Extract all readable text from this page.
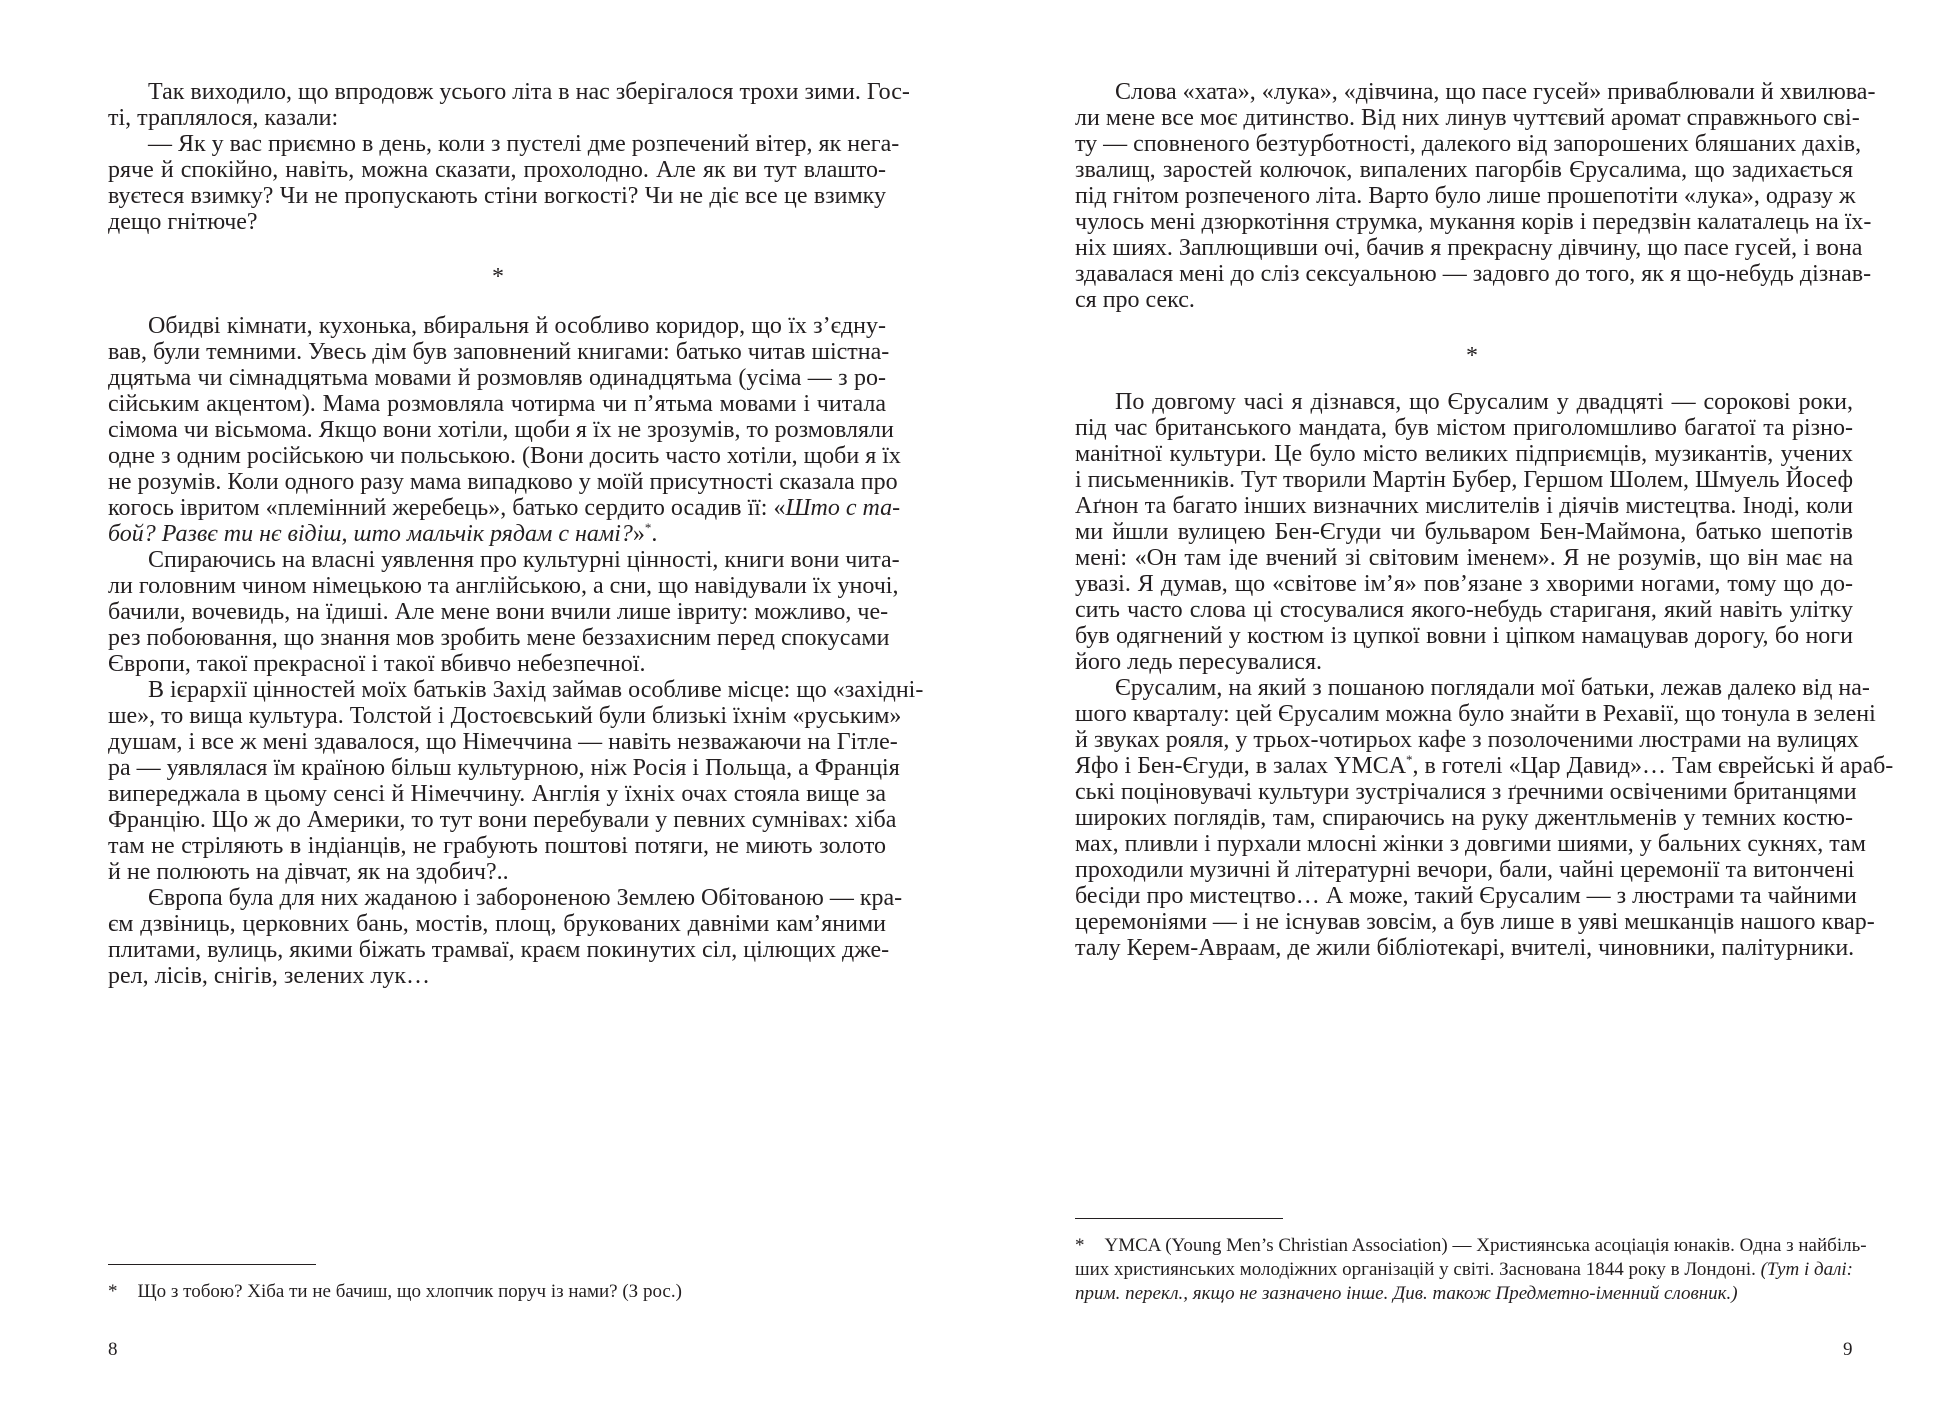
Так виходило, що впродовж усього літа в нас зберігалося трохи зими. Гос-
ті, траплялося, казали:
— Як у вас приємно в день, коли з пустелі дме розпечений вітер, як нега-
ряче й спокійно, навіть, можна сказати, прохолодно. Але як ви тут влашто-
вуєтеся взимку? Чи не пропускають стіни вогкості? Чи не діє все це взимку
дещо гнітюче?
*
Обидві кімнати, кухонька, вбиральня й особливо коридор, що їх з’єдну-
вав, були темними. Увесь дім був заповнений книгами: батько читав шістна-
дцятьма чи сімнадцятьма мовами й розмовляв одинадцятьма (усіма — з ро-
сійським акцентом). Мама розмовляла чотирма чи п’ятьма мовами і читала
сімома чи вісьмома. Якщо вони хотіли, щоби я їх не зрозумів, то розмовляли
одне з одним російською чи польською. (Вони досить часто хотіли, щоби я їх
не розумів. Коли одного разу мама випадково у моїй присутності сказала про
когось івритом «племінний жеребець», батько сердито осадив її: «Што с та-
бой? Развє ти нє відіш, што мальчік рядам с намі?»*.
Спираючись на власні уявлення про культурні цінності, книги вони чита-
ли головним чином німецькою та англійською, а сни, що навідували їх уночі,
бачили, вочевидь, на їдиші. Але мене вони вчили лише івриту: можливо, че-
рез побоювання, що знання мов зробить мене беззахисним перед спокусами
Європи, такої прекрасної і такої вбивчо небезпечної.
В ієрархії цінностей моїх батьків Захід займав особливе місце: що «західні-
ше», то вища культура. Толстой і Достоєвський були близькі їхнім «руським»
душам, і все ж мені здавалося, що Німеччина — навіть незважаючи на Гітле-
ра — уявлялася їм країною більш культурною, ніж Росія і Польща, а Франція
випереджала в цьому сенсі й Німеччину. Англія у їхніх очах стояла вище за
Францію. Що ж до Америки, то тут вони перебували у певних сумнівах: хіба
там не стріляють в індіанців, не грабують поштові потяги, не миють золото
й не полюють на дівчат, як на здобич?..
Європа була для них жаданою і забороненою Землею Обітованою — кра-
єм дзвіниць, церковних бань, мостів, площ, брукованих давніми кам’яними
плитами, вулиць, якими біжать трамваї, краєм покинутих сіл, цілющих дже-
рел, лісів, снігів, зелених лук…
* Що з тобою? Хіба ти не бачиш, що хлопчик поруч із нами? (З рос.)
8
Слова «хата», «лука», «дівчина, що пасе гусей» приваблювали й хвилюва-
ли мене все моє дитинство. Від них линув чуттєвий аромат справжнього сві-
ту — сповненого безтурботності, далекого від запорошених бляшаних дахів,
звалищ, заростей колючок, випалених пагорбів Єрусалима, що задихається
під гнітом розпеченого літа. Варто було лише прошепотіти «лука», одразу ж
чулось мені дзюркотіння струмка, мукання корів і передзвін калаталець на їх-
ніх шиях. Заплющивши очі, бачив я прекрасну дівчину, що пасе гусей, і вона
здавалася мені до сліз сексуальною — задовго до того, як я що-небудь дізнав-
ся про секс.
*
По довгому часі я дізнався, що Єрусалим у двадцяті — сорокові роки,
під час британського мандата, був містом приголомшливо багатої та різно-
манітної культури. Це було місто великих підприємців, музикантів, учених
і письменників. Тут творили Мартін Бубер, Гершом Шолем, Шмуель Йосеф
Аґнон та багато інших визначних мислителів і діячів мистецтва. Іноді, коли
ми йшли вулицею Бен-Єгуди чи бульваром Бен-Маймона, батько шепотів
мені: «Он там іде вчений зі світовим іменем». Я не розумів, що він має на
увазі. Я думав, що «світове ім’я» пов’язане з хворими ногами, тому що до-
сить часто слова ці стосувалися якого-небудь стариганя, який навіть улітку
був одягнений у костюм із цупкої вовни і ціпком намацував дорогу, бо ноги
його ледь пересувалися.
Єрусалим, на який з пошаною поглядали мої батьки, лежав далеко від на-
шого кварталу: цей Єрусалим можна було знайти в Рехавії, що тонула в зелені
й звуках рояля, у трьох-чотирьох кафе з позолоченими люстрами на вулицях
Яфо і Бен-Єгуди, в залах YMCA*, в готелі «Цар Давид»… Там єврейські й араб-
ські поціновувачі культури зустрічалися з ґречними освіченими британцями
широких поглядів, там, спираючись на руку джентльменів у темних костю-
мах, пливли і пурхали млосні жінки з довгими шиями, у бальних сукнях, там
проходили музичні й літературні вечори, бали, чайні церемонії та витончені
бесіди про мистецтво… А може, такий Єрусалим — з люстрами та чайними
церемоніями — і не існував зовсім, а був лише в уяві мешканців нашого квар-
талу Керем-Авраам, де жили бібліотекарі, вчителі, чиновники, палітурники.
* YMCA (Young Men’s Christian Association) — Християнська асоціація юнаків. Одна з найбіль-
ших християнських молодіжних організацій у світі. Заснована 1844 року в Лондоні. (Тут і далі:
прим. перекл., якщо не зазначено інше. Див. також Предметно-іменний словник.)
9
